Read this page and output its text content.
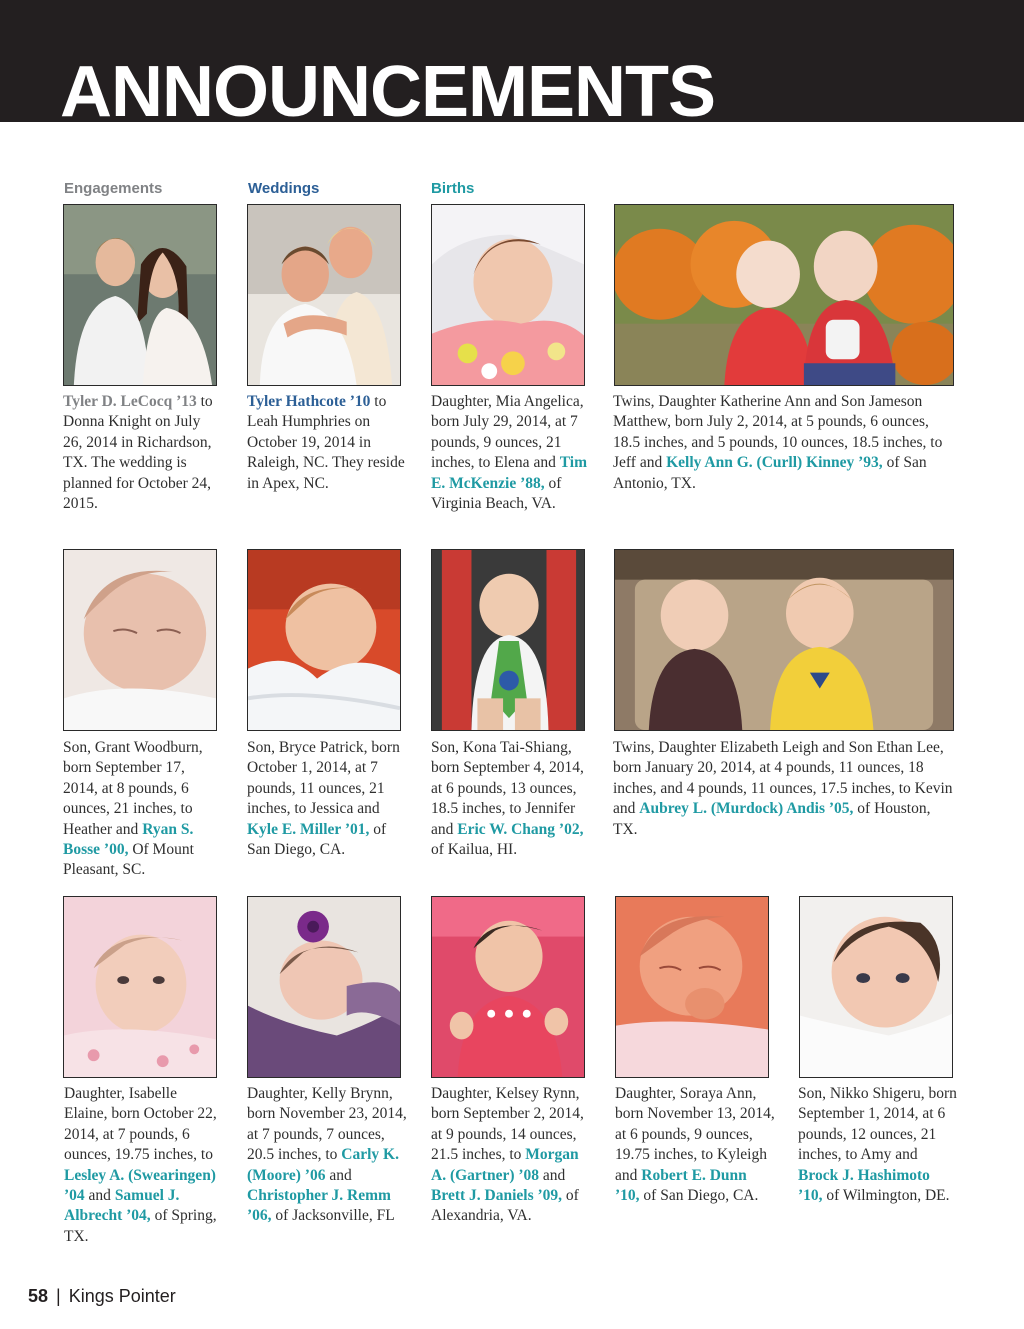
ANNOUNCEMENTS
Engagements	Weddings	Births
Tyler D. LeCocq ’13 to Donna Knight on July 26, 2014 in Richardson, TX. The wedding is planned for October 24, 2015.
Tyler Hathcote ’10 to Leah Humphries on October 19, 2014 in Raleigh, NC. They reside in Apex, NC.
Daughter, Mia Angelica, born July 29, 2014, at 7 pounds, 9 ounces, 21 inches, to Elena and Tim E. McKenzie ’88, of Virginia Beach, VA.
Twins, Daughter Katherine Ann and Son Jameson Matthew, born July 2, 2014, at 5 pounds, 6 ounces, 18.5 inches, and 5 pounds, 10 ounces, 18.5 inches, to Jeff and Kelly Ann G. (Curll) Kinney ’93, of San Antonio, TX.
Son, Grant Woodburn, born September 17, 2014, at 8 pounds, 6 ounces, 21 inches, to Heather and Ryan S. Bosse ’00, Of Mount Pleasant, SC.
Son, Bryce Patrick, born October 1, 2014, at 7 pounds, 11 ounces, 21 inches, to Jessica and Kyle E. Miller ’01, of San Diego, CA.
Son, Kona Tai-Shiang, born September 4, 2014, at 6 pounds, 13 ounces, 18.5 inches, to Jennifer and Eric W. Chang ’02, of Kailua, HI.
Twins, Daughter Elizabeth Leigh and Son Ethan Lee, born January 20, 2014, at 4 pounds, 11 ounces, 18 inches, and 4 pounds, 11 ounces, 17.5 inches, to Kevin and Aubrey L. (Murdock) Andis ’05, of Houston, TX.
Daughter, Isabelle Elaine, born October 22, 2014, at 7 pounds, 6 ounces, 19.75 inches, to Lesley A. (Swearingen) ’04 and Samuel J. Albrecht ’04, of Spring, TX.
Daughter, Kelly Brynn, born November 23, 2014, at 7 pounds, 7 ounces, 20.5 inches, to Carly K. (Moore) ’06 and Christopher J. Remm ’06, of Jacksonville, FL
Daughter, Kelsey Rynn, born September 2, 2014, at 9 pounds, 14 ounces, 21.5 inches, to Morgan A. (Gartner) ’08 and Brett J. Daniels ’09, of Alexandria, VA.
Daughter, Soraya Ann, born November 13, 2014, at 6 pounds, 9 ounces, 19.75 inches, to Kyleigh and Robert E. Dunn ’10, of San Diego, CA.
Son, Nikko Shigeru, born September 1, 2014, at 6 pounds, 12 ounces, 21 inches, to Amy and Brock J. Hashimoto ’10, of Wilmington, DE.
58 | Kings Pointer
